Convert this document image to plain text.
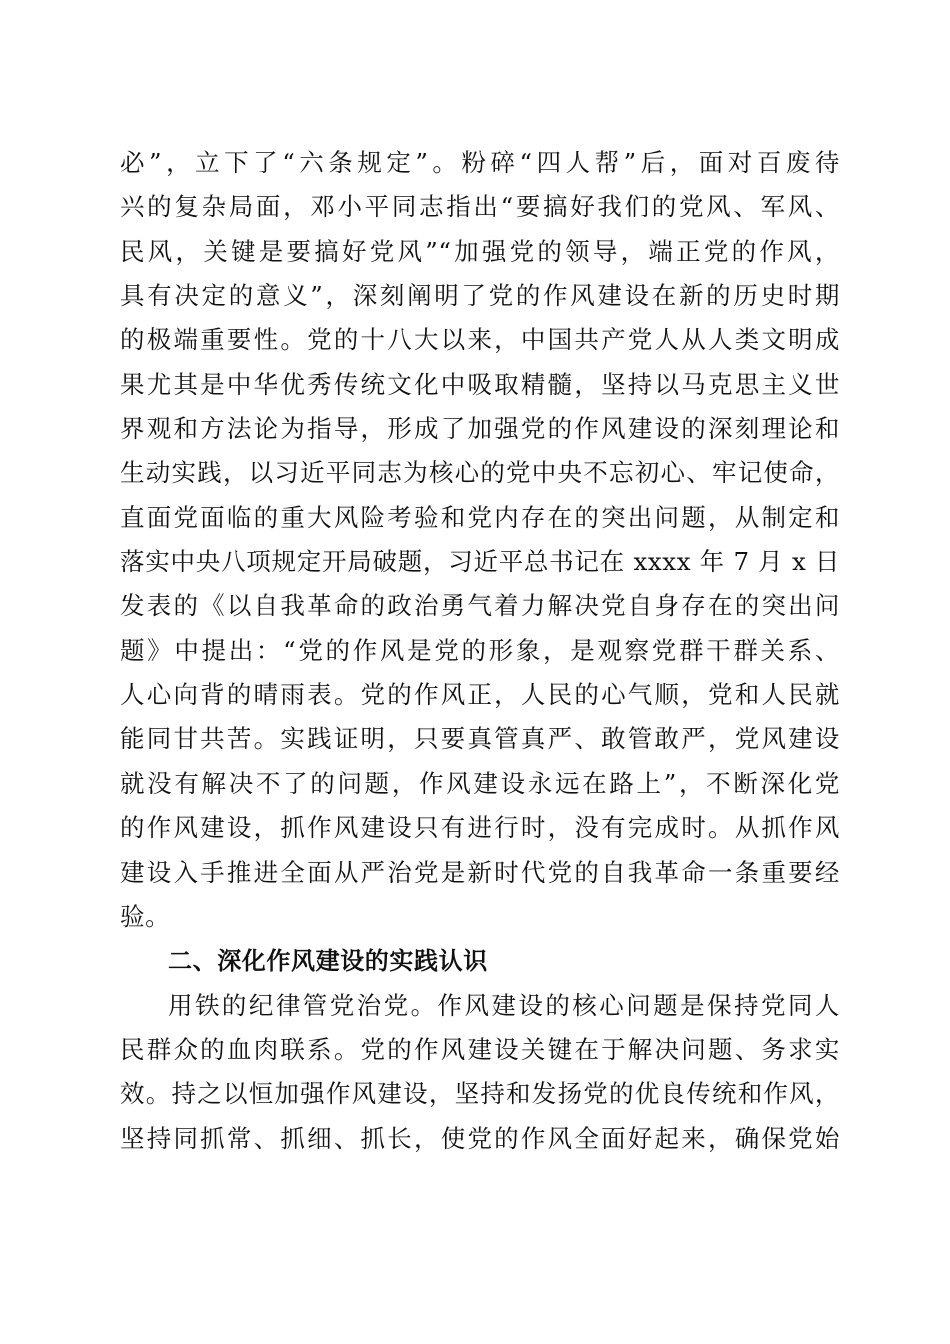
必”，立下了“六条规定”。粉碎“四人帮”后，面对百废待
兴的复杂局面，邓小平同志指出“要搞好我们的党风、军风、
民风，关键是要搞好党风”“加强党的领导，端正党的作风，
具有决定的意义”，深刻阐明了党的作风建设在新的历史时期
的极端重要性。党的十八大以来，中国共产党人从人类文明成
果尤其是中华优秀传统文化中吸取精髓，坚持以马克思主义世
界观和方法论为指导，形成了加强党的作风建设的深刻理论和
生动实践，以习近平同志为核心的党中央不忘初心、牢记使命，
直面党面临的重大风险考验和党内存在的突出问题，从制定和
落实中央八项规定开局破题，习近平总书记在 xxxx 年 7 月 x 日
发表的《以自我革命的政治勇气着力解决党自身存在的突出问
题》中提出：“党的作风是党的形象，是观察党群干群关系、
人心向背的晴雨表。党的作风正，人民的心气顺，党和人民就
能同甘共苦。实践证明，只要真管真严、敢管敢严，党风建设
就没有解决不了的问题，作风建设永远在路上”，不断深化党
的作风建设，抓作风建设只有进行时，没有完成时。从抓作风
建设入手推进全面从严治党是新时代党的自我革命一条重要经
验。
二、深化作风建设的实践认识
用铁的纪律管党治党。作风建设的核心问题是保持党同人
民群众的血肉联系。党的作风建设关键在于解决问题、务求实
效。持之以恒加强作风建设，坚持和发扬党的优良传统和作风，
坚持同抓常、抓细、抓长，使党的作风全面好起来，确保党始
